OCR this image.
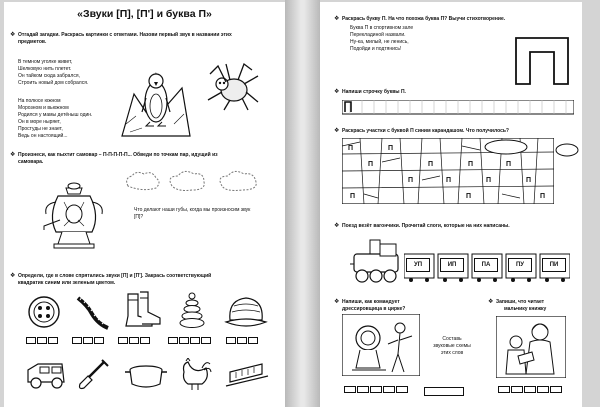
«Звуки [П], [П'] и буква П»
❖ Отгадай загадки. Раскрась картинки с ответами. Назови первый звук в названии этих
предметов.
В темном уголке живет,
Шелковую нить плетет.
Он тайком сюда забрался,
Строить новый дом собрался.
На полюсе южном
Морозном и вьюжном
Родился у мамы детёныш один.
Он в море ныряет,
Простуды не знает,
Ведь он настоящий...
❖ Произнеси, как пыхтит самовар – П-П-П-П-П... Обведи по точкам пар, идущий из
самовара.
Что делают наши губы, когда мы произносим звук
[П]?
❖ Определи, где в слове спрятались звуки [П] и [П']. Закрась соответствующий
квадратик синим или зеленым цветом.
❖ Раскрась букву П. На что похожа буква П? Выучи стихотворение.
Буква П в спортивном зале
Перекладиной назвали.
Ну-ка, милый, не ленись,
Подойди и подтянись!
❖ Напиши строчку буквы П.
❖ Раскрась участки с буквой П синим карандашом. Что получилось?
П	П
П	П
П	П
П	П
П	П
П	П	П
❖ Поезд везёт вагончики. Прочитай слоги, которые на них написаны.
УП	ИП	ПА	ПУ	ПИ
❖ Напиши, как командует
дрессировщица в цирке?
❖ Запиши, что читает
мальчику книжку
Составь
звуковые схемы
этих слов
